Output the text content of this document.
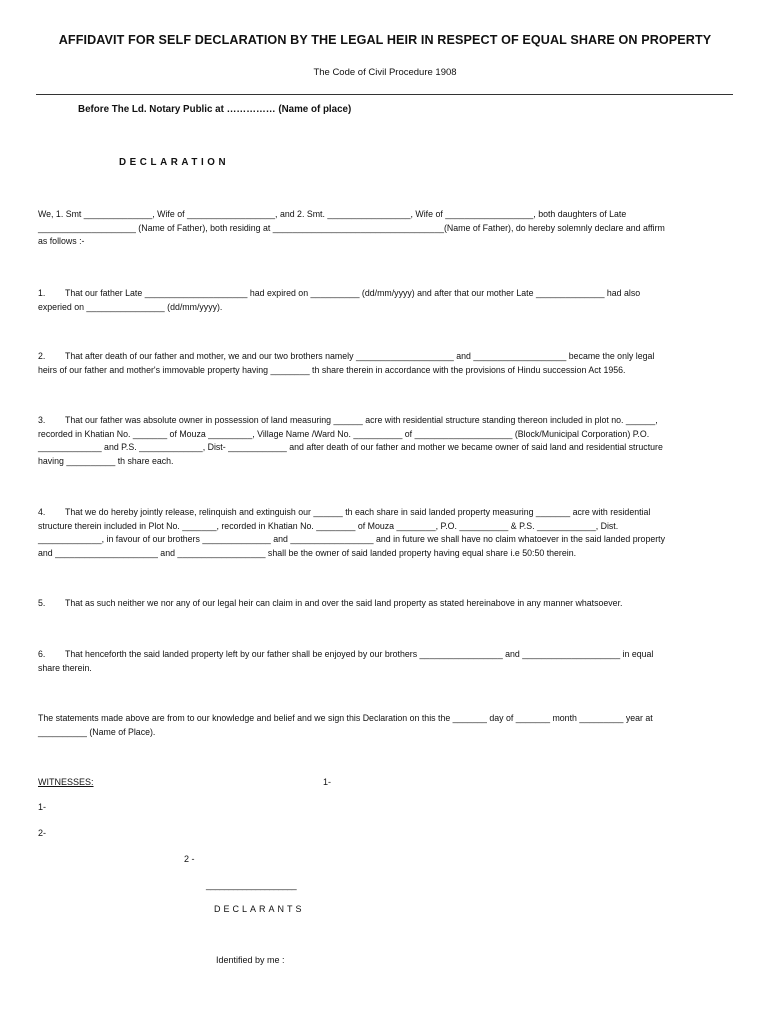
AFFIDAVIT FOR SELF DECLARATION BY THE LEGAL HEIR IN RESPECT OF EQUAL SHARE ON PROPERTY
The Code of Civil Procedure 1908
Before The Ld. Notary Public at …………… (Name of place)
DECLARATION

We, 1. Smt ______________, Wife of __________________, and 2. Smt. _________________, Wife of __________________, both daughters of Late

____________________ (Name of Father), both residing at ___________________________________(Name of Father), do hereby solemnly declare and affirm

as follows :-

1. That our father Late _____________________ had expired on __________ (dd/mm/yyyy) and after that our mother Late ______________ had also

experied on ________________ (dd/mm/yyyy).

2. That after death of our father and mother, we and our two brothers namely ____________________ and ___________________ became the only legal

heirs of our father and mother's immovable property having ________ th share therein in accordance with the provisions of Hindu succession Act 1956.

3. That our father was absolute owner in possession of land measuring ______ acre with residential structure standing thereon included in plot no. ______,

recorded in Khatian No. _______ of Mouza _________, Village Name /Ward No. __________ of ____________________ (Block/Municipal Corporation) P.O.

_____________ and P.S. _____________, Dist- ____________ and after death of our father and mother we became owner of said land and residential structure

having __________ th share each.

4. That we do hereby jointly release, relinquish and extinguish our ______ th each share in said landed property measuring _______ acre with residential

structure therein included in Plot No. _______, recorded in Khatian No. ________ of Mouza ________, P.O. __________ & P.S. ____________, Dist.

_____________, in favour of our brothers ______________ and _________________ and in future we shall have no claim whatoever in the said landed property

and _____________________ and __________________ shall be the owner of said landed property having equal share i.e 50:50 therein.

5. That as such neither we nor any of our legal heir can claim in and over the said land property as stated hereinabove in any manner whatsoever.

6. That henceforth the said landed property left by our father shall be enjoyed by our brothers _________________ and ____________________ in equal

share therein.

The statements made above are from to our knowledge and belief and we sign this Declaration on this the _______ day of _______ month _________ year at

__________ (Name of Place).

WITNESSES:	1-
1-
2-
2 -
____________________
DECLARANTS
Identified by me :
